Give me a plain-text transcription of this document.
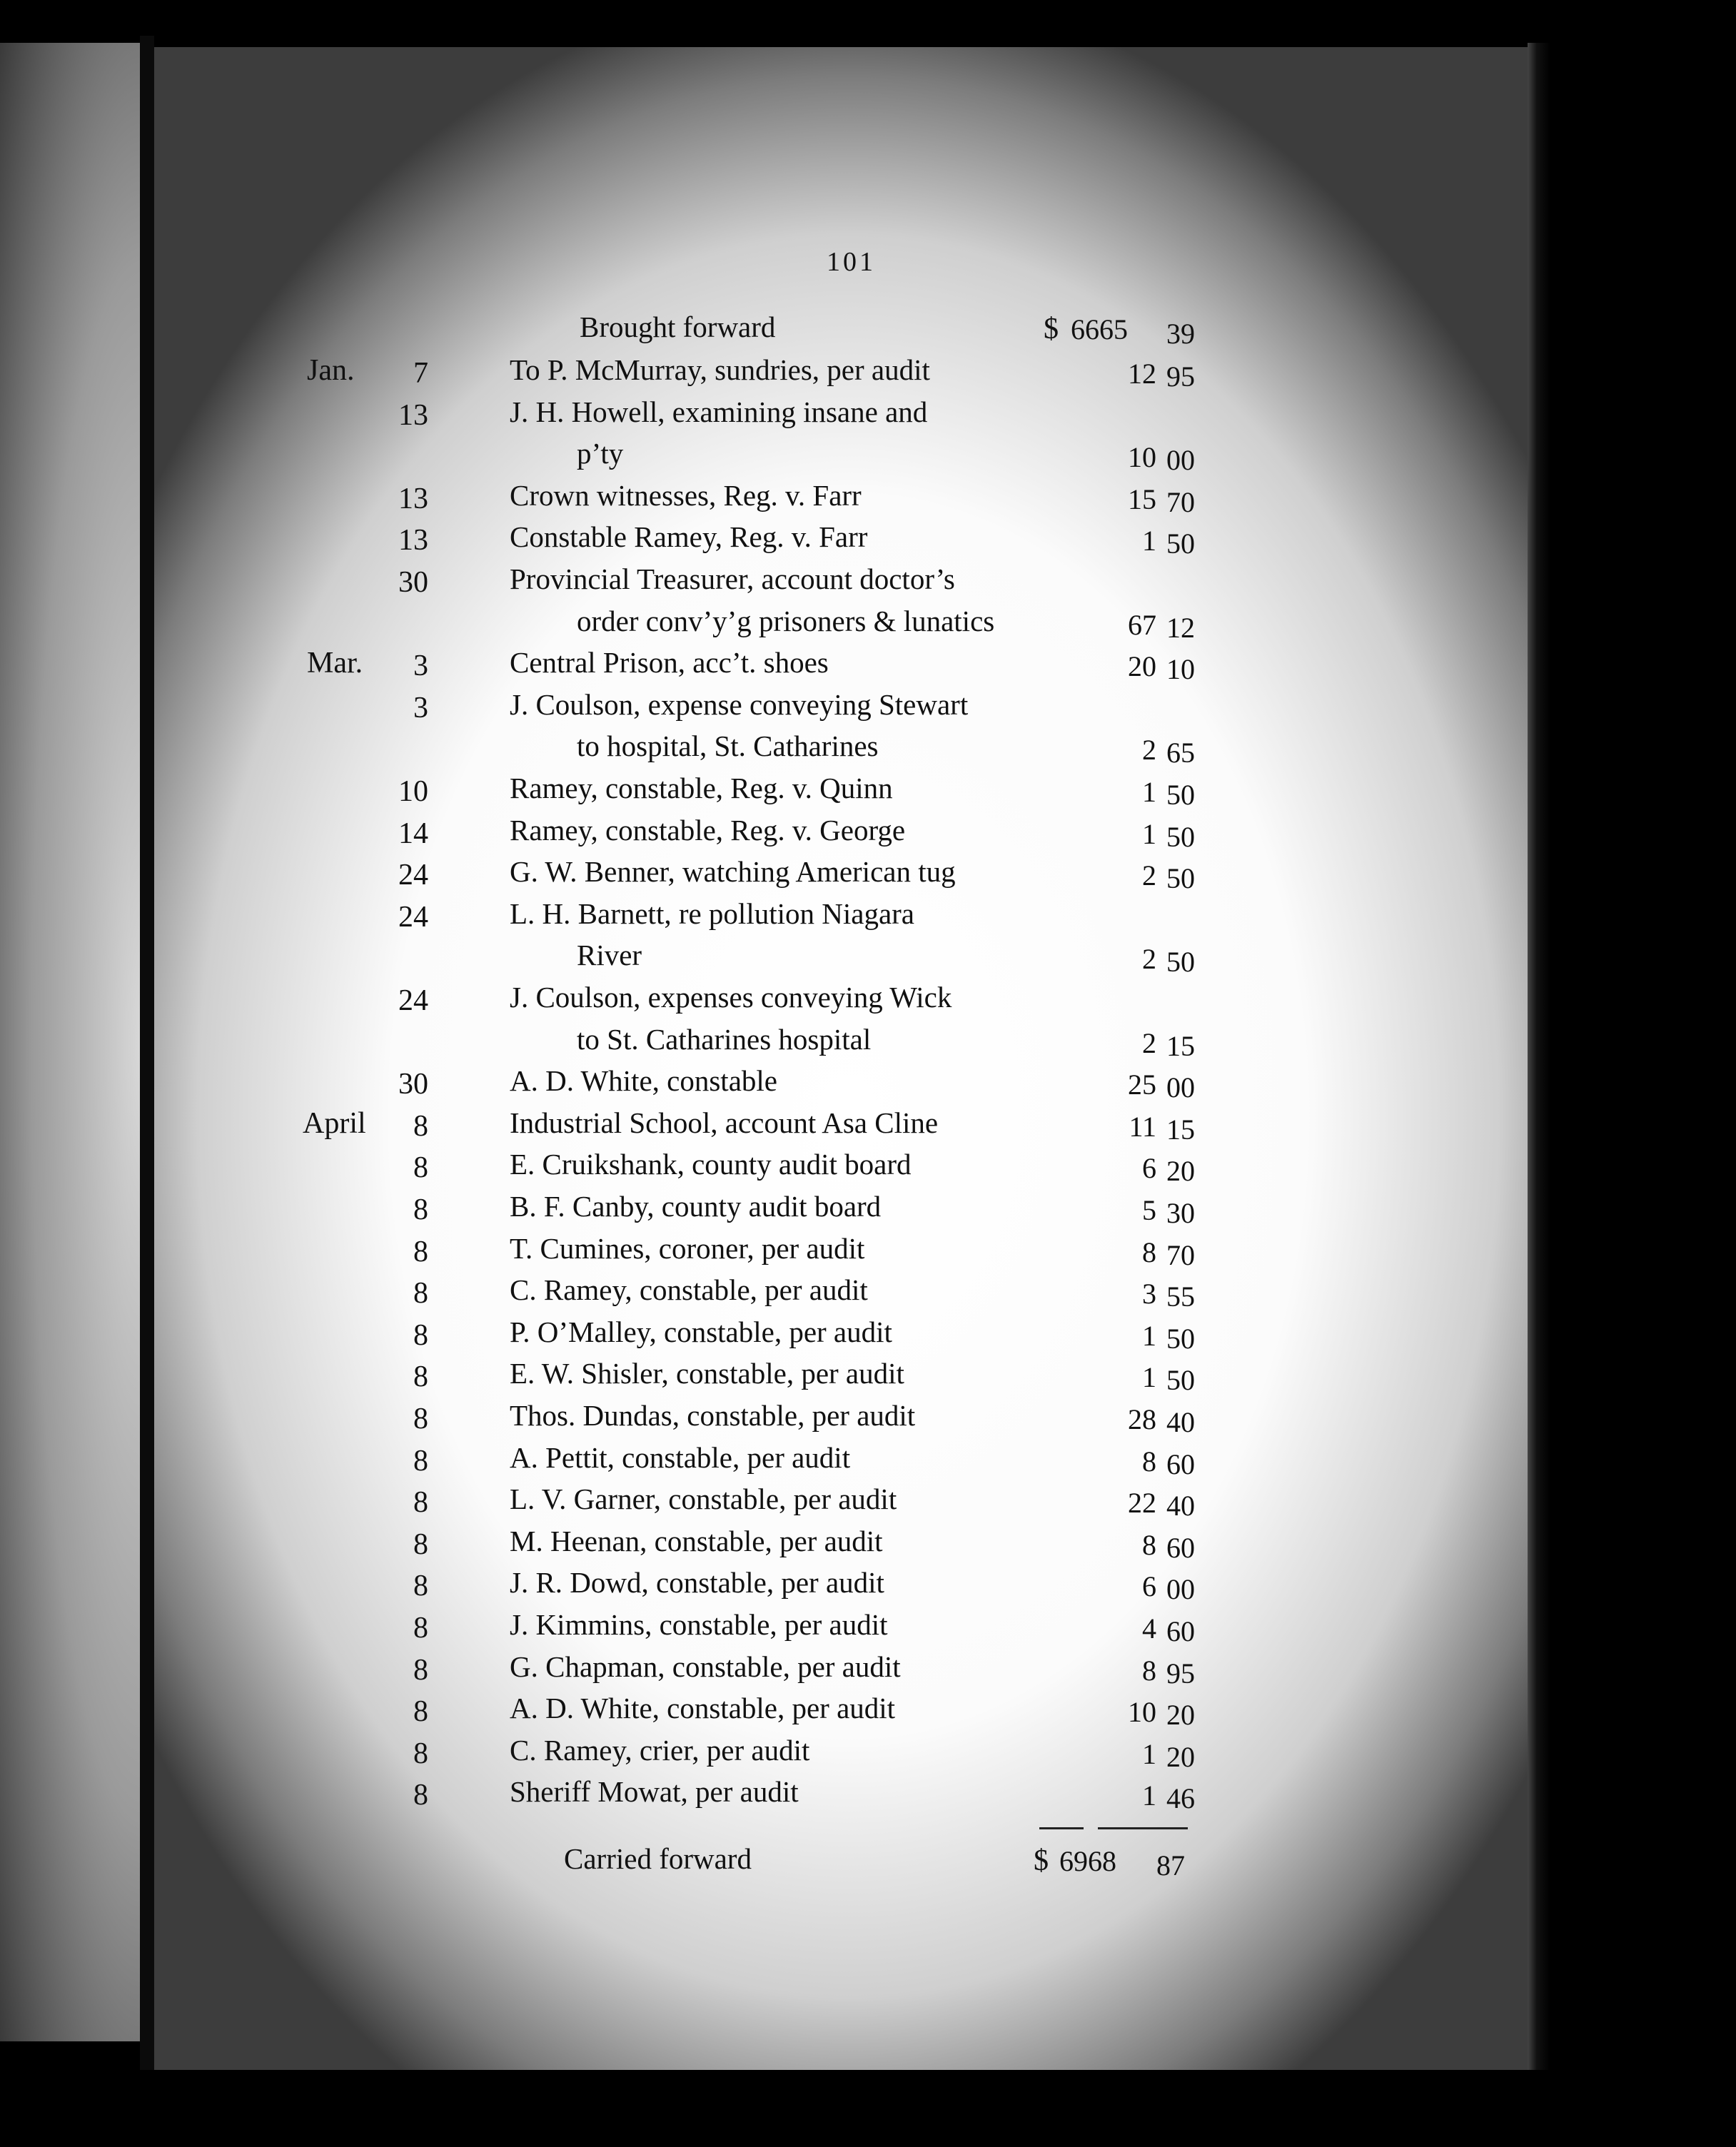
101
Brought forward	$ 6665	39
Jan.	7	To P. McMurray, sundries, per audit	12 95
13	J. H. Howell, examining insane and
p’ty	10 00
13	Crown witnesses, Reg. v. Farr	15 70
13	Constable Ramey, Reg. v. Farr	1 50
30	Provincial Treasurer, account doctor’s
order conv’y’g prisoners & lunatics	67 12
Mar.	3	Central Prison, acc’t. shoes	20 10
3	J. Coulson, expense conveying Stewart
to hospital, St. Catharines	2 65
10	Ramey, constable, Reg. v. Quinn	1 50
14	Ramey, constable, Reg. v. George	1 50
24	G. W. Benner, watching American tug	2 50
24	L. H. Barnett, re pollution Niagara
River	2 50
24	J. Coulson, expenses conveying Wick
to St. Catharines hospital	2 15
30	A. D. White, constable	25 00
April	8	Industrial School, account Asa Cline	11 15
8	E. Cruikshank, county audit board	6 20
8	B. F. Canby, county audit board	5 30
8	T. Cumines, coroner, per audit	8 70
8	C. Ramey, constable, per audit	3 55
8	P. O’Malley, constable, per audit	1 50
8	E. W. Shisler, constable, per audit	1 50
8	Thos. Dundas, constable, per audit	28 40
8	A. Pettit, constable, per audit	8 60
8	L. V. Garner, constable, per audit	22 40
8	M. Heenan, constable, per audit	8 60
8	J. R. Dowd, constable, per audit	6 00
8	J. Kimmins, constable, per audit	4 60
8	G. Chapman, constable, per audit	8 95
8	A. D. White, constable, per audit	10 20
8	C. Ramey, crier, per audit	1 20
8	Sheriff Mowat, per audit	1 46
Carried forward	$ 6968	87
